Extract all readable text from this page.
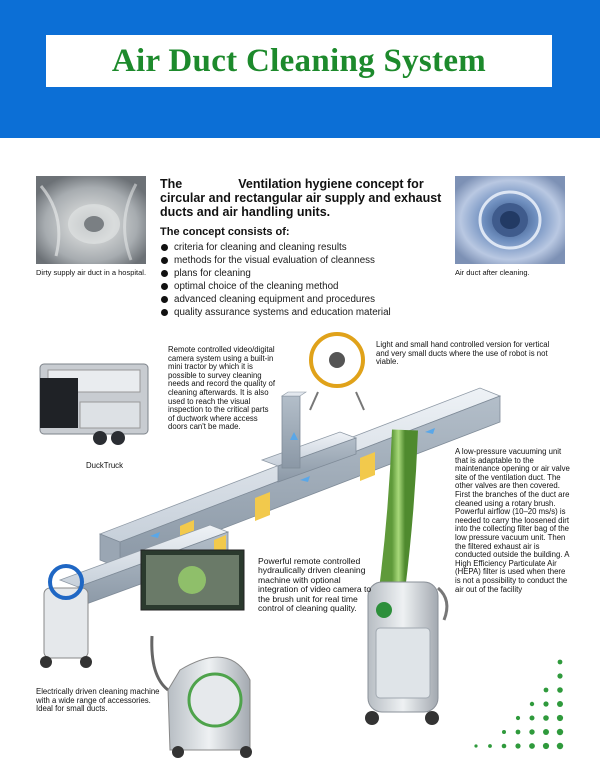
Air Duct Cleaning System
Dirty supply air duct in a hospital.	Air duct after cleaning.
The	Ventilation hygiene concept for circular and rectangular air supply and exhaust ducts and air handling units.
The concept consists of:
criteria for cleaning and cleaning results
methods for the visual evaluation of cleanness
plans for cleaning
optimal choice of the cleaning method
advanced cleaning equipment and procedures
quality assurance systems and education material
Remote controlled video/digital camera system using a built-in mini tractor by which it is possible to survey cleaning needs and record the quality of cleaning afterwards. It is also used to reach the visual inspection to the critical parts of ductwork where access doors can't be made.
DuckTruck
Light and small hand controlled version for vertical and very small ducts where the use of robot is not viable.
A low-pressure vacuuming unit that is adaptable to the maintenance opening or air valve site of the ventilation duct. The other valves are then covered. First the branches of the duct are cleaned using a rotary brush. Powerful airflow (10–20 ms/s) is needed to carry the loosened dirt into the collecting filter bag of the low pressure vacuum unit. Then the filtered exhaust air is conducted outside the building. A High Efficiency Particulate Air (HEPA) filter is used when there is not a possibility to conduct the air out of the facility
Powerful remote controlled hydraulically driven cleaning machine with optional integration of video camera to the brush unit for real time control of cleaning quality.
Electrically driven cleaning machine with a wide range of accessories. Ideal for small ducts.
